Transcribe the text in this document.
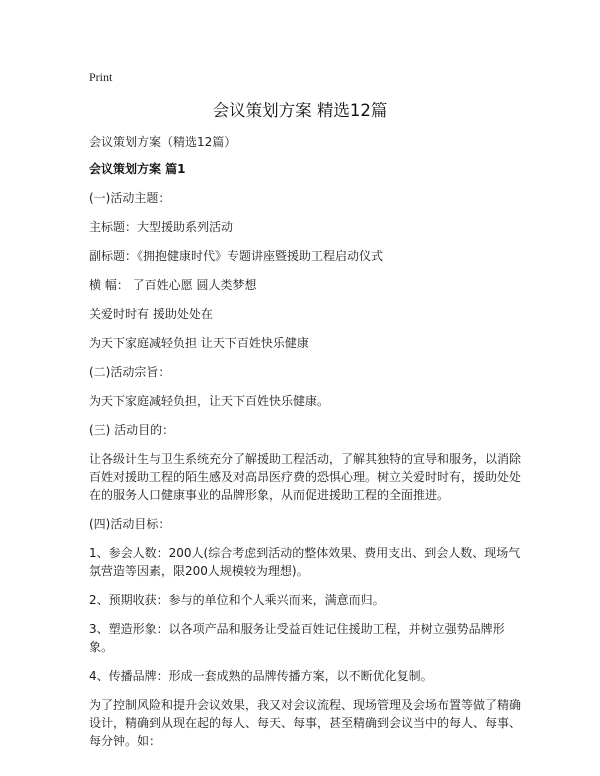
Print
会议策划方案 精选12篇
会议策划方案（精选12篇）

会议策划方案 篇1

(一)活动主题：

主标题：大型援助系列活动

副标题：《拥抱健康时代》专题讲座暨援助工程启动仪式

横 幅： 了百姓心愿 圆人类梦想

关爱时时有 援助处处在

为天下家庭减轻负担 让天下百姓快乐健康

(二)活动宗旨：

为天下家庭减轻负担，让天下百姓快乐健康。

(三) 活动目的：

让各级计生与卫生系统充分了解援助工程活动，了解其独特的宣导和服务，以消除百姓对援助工程的陌生感及对高昂医疗费的恐惧心理。树立关爱时时有，援助处处在的服务人口健康事业的品牌形象，从而促进援助工程的全面推进。

(四)活动目标：

1、参会人数：200人(综合考虑到活动的整体效果、费用支出、到会人数、现场气氛营造等因素，限200人规模较为理想)。

2、预期收获：参与的单位和个人乘兴而来，满意而归。

3、塑造形象：以各项产品和服务让受益百姓记住援助工程，并树立强势品牌形象。

4、传播品牌：形成一套成熟的品牌传播方案，以不断优化复制。

为了控制风险和提升会议效果，我又对会议流程、现场管理及会场布置等做了精确设计，精确到从现在起的每人、每天、每事，甚至精确到会议当中的每人、每事、每分钟。如：
